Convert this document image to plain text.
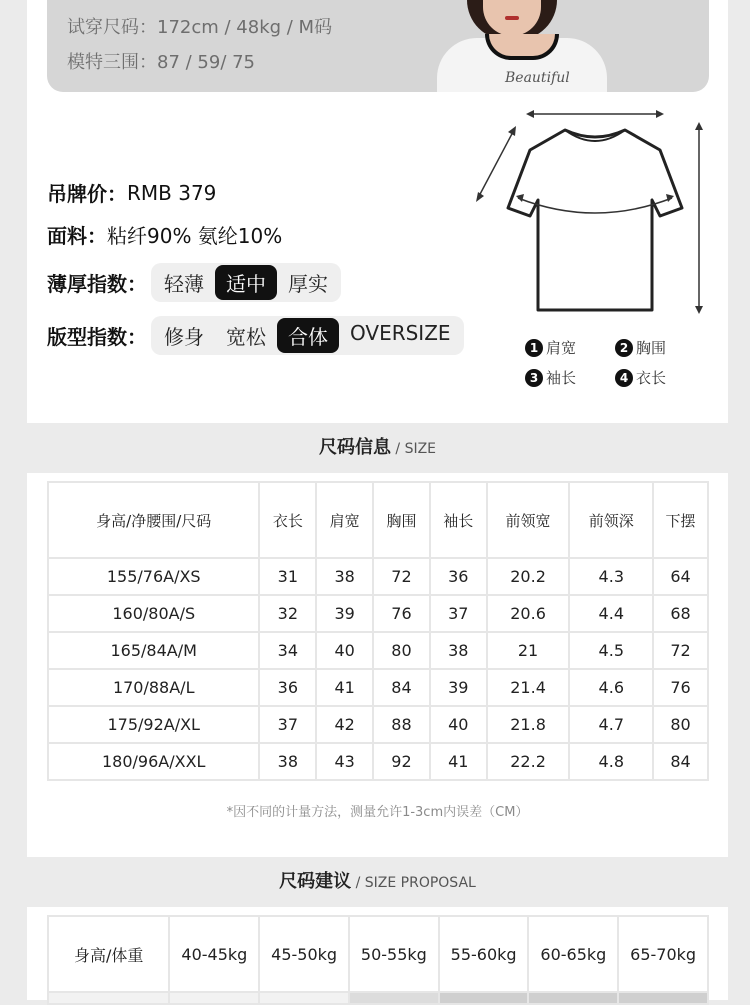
试穿尺码：172cm / 48kg / M码
模特三围：87 / 59/ 75
Beautiful
吊牌价： RMB 379
面料： 粘纤90% 氨纶10%
薄厚指数： 轻薄	适中	厚实
版型指数： 修身	宽松	合体	OVERSIZE
1 肩宽	2 胸围
3 袖长	4 衣长
尺码信息 / SIZE
身高/净腰围/尺码	衣长	肩宽	胸围	袖长	前领宽	前领深	下摆
155/76A/XS	31	38	72	36	20.2	4.3	64
160/80A/S	32	39	76	37	20.6	4.4	68
165/84A/M	34	40	80	38	21	4.5	72
170/88A/L	36	41	84	39	21.4	4.6	76
175/92A/XL	37	42	88	40	21.8	4.7	80
180/96A/XXL	38	43	92	41	22.2	4.8	84
*因不同的计量方法，测量允许1-3cm内误差（CM）
尺码建议 / SIZE PROPOSAL
身高/体重	40-45kg	45-50kg	50-55kg	55-60kg	60-65kg	65-70kg
